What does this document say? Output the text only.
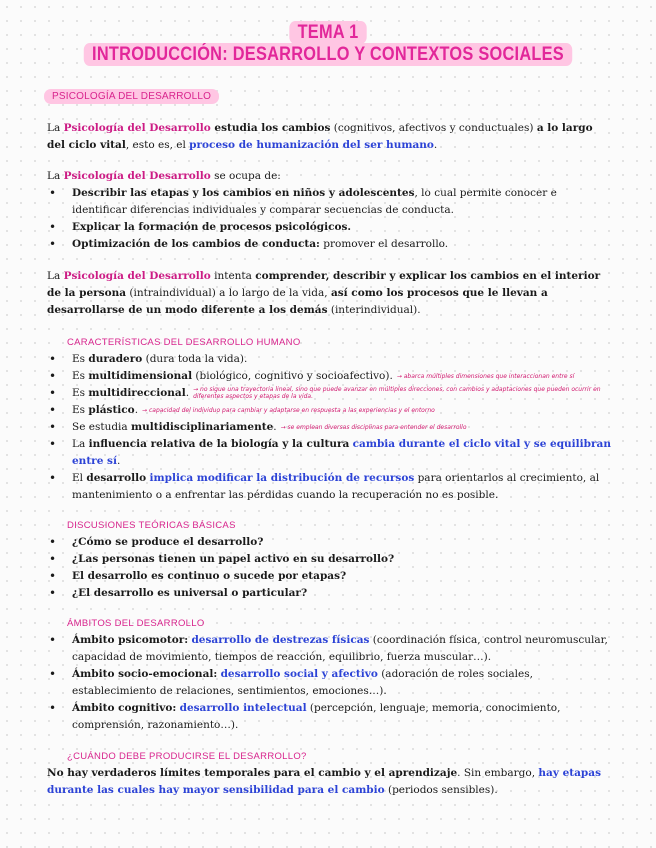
TEMA 1
INTRODUCCIÓN: DESARROLLO Y CONTEXTOS SOCIALES
PSICOLOGÍA DEL DESARROLLO
La Psicología del Desarrollo estudia los cambios (cognitivos, afectivos y conductuales) a lo largo del ciclo vital, esto es, el proceso de humanización del ser humano.
La Psicología del Desarrollo se ocupa de:
• Describir las etapas y los cambios en niños y adolescentes, lo cual permite conocer e identificar diferencias individuales y comparar secuencias de conducta.
• Explicar la formación de procesos psicológicos.
• Optimización de los cambios de conducta: promover el desarrollo.
La Psicología del Desarrollo intenta comprender, describir y explicar los cambios en el interior de la persona (intraindividual) a lo largo de la vida, así como los procesos que le llevan a desarrollarse de un modo diferente a los demás (interindividual).
CARACTERÍSTICAS DEL DESARROLLO HUMANO
• Es duradero (dura toda la vida).
• Es multidimensional (biológico, cognitivo y socioafectivo). → abarca múltiples dimensiones que interaccionan entre sí
• Es multidireccional. → no sigue una trayectoria lineal, sino que puede avanzar en múltiples direcciones, con cambios y adaptaciones que pueden ocurrir en diferentes aspectos y etapas de la vida.
• Es plástico. → capacidad del individuo para cambiar y adaptarse en respuesta a las experiencias y el entorno
• Se estudia multidisciplinariamente. → se emplean diversas disciplinas para entender el desarrollo
• La influencia relativa de la biología y la cultura cambia durante el ciclo vital y se equilibran entre sí.
• El desarrollo implica modificar la distribución de recursos para orientarlos al crecimiento, al mantenimiento o a enfrentar las pérdidas cuando la recuperación no es posible.
DISCUSIONES TEÓRICAS BÁSICAS
• ¿Cómo se produce el desarrollo?
• ¿Las personas tienen un papel activo en su desarrollo?
• El desarrollo es continuo o sucede por etapas?
• ¿El desarrollo es universal o particular?
ÁMBITOS DEL DESARROLLO
• Ámbito psicomotor: desarrollo de destrezas físicas (coordinación física, control neuromuscular, capacidad de movimiento, tiempos de reacción, equilibrio, fuerza muscular…).
• Ámbito socio-emocional: desarrollo social y afectivo (adoración de roles sociales, establecimiento de relaciones, sentimientos, emociones…).
• Ámbito cognitivo: desarrollo intelectual (percepción, lenguaje, memoria, conocimiento, comprensión, razonamiento…).
¿CUÁNDO DEBE PRODUCIRSE EL DESARROLLO?
No hay verdaderos límites temporales para el cambio y el aprendizaje. Sin embargo, hay etapas durante las cuales hay mayor sensibilidad para el cambio (periodos sensibles).
